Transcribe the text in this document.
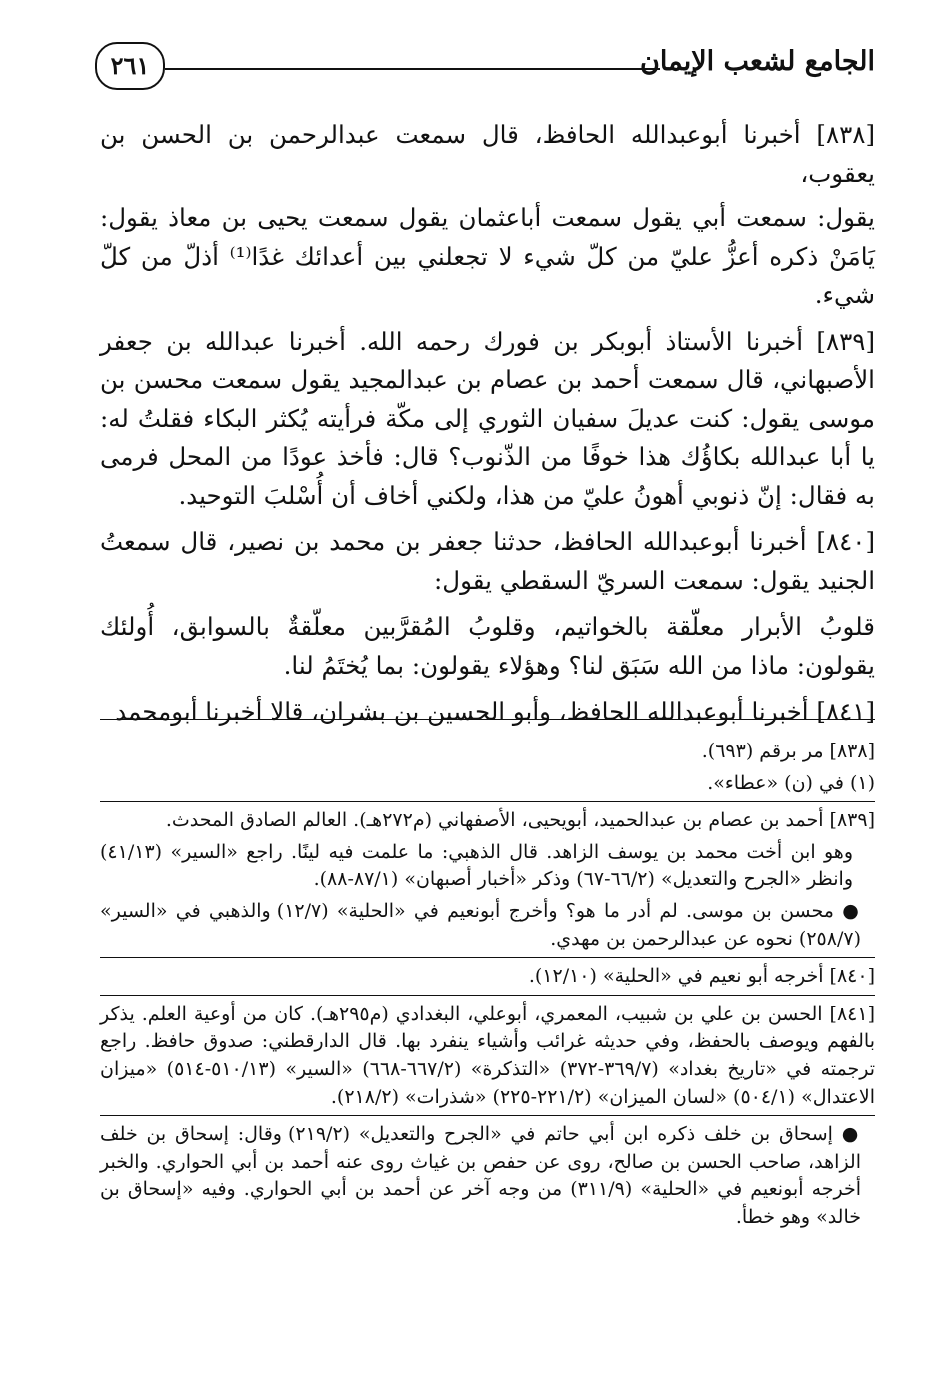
الجامع لشعب الإيمان
٢٦١

[٨٣٨] أخبرنا أبوعبدالله الحافظ، قال سمعت عبدالرحمن بن الحسن بن يعقوب،

يقول: سمعت أبي يقول سمعت أباعثمان يقول سمعت يحيى بن معاذ يقول: يَامَنْ ذكره أعزُّ عليّ من كلّ شيء لا تجعلني بين أعدائك غدًا⁽¹⁾ أذلّ من كلّ شيء.

[٨٣٩] أخبرنا الأستاذ أبوبكر بن فورك رحمه الله. أخبرنا عبدالله بن جعفر الأصبهاني، قال سمعت أحمد بن عصام بن عبدالمجيد يقول سمعت محسن بن موسى يقول: كنت عديلَ سفيان الثوري إلى مكّة فرأيته يُكثر البكاء فقلتُ له: يا أبا عبدالله بكاؤُك هذا خوفًا من الذّنوب؟ قال: فأخذ عودًا من المحل فرمى به فقال: إنّ ذنوبي أهونُ عليّ من هذا، ولكني أخاف أن أُسْلبَ التوحيد.

[٨٤٠] أخبرنا أبوعبدالله الحافظ، حدثنا جعفر بن محمد بن نصير، قال سمعتُ الجنيد يقول: سمعت السريّ السقطي يقول:

قلوبُ الأبرار معلّقة بالخواتيم، وقلوبُ المُقرَّبين معلّقةٌ بالسوابق، أُولئك يقولون: ماذا من الله سَبَق لنا؟ وهؤلاء يقولون: بما يُختَمُ لنا.

[٨٤١] أخبرنا أبوعبدالله الحافظ، وأبو الحسين بن بشران، قالا أخبرنا أبومحمد

[٨٣٨] مر برقم (٦٩٣).

(١) في (ن) «عطاء».

[٨٣٩] أحمد بن عصام بن عبدالحميد، أبويحيى، الأصفهاني (م٢٧٢هـ). العالم الصادق المحدث.

وهو ابن أخت محمد بن يوسف الزاهد. قال الذهبي: ما علمت فيه لينًا. راجع «السير» (٤١/١٣) وانظر «الجرح والتعديل» (٦٦/٢-٦٧) وذكر «أخبار أصبهان» (٨٧/١-٨٨).

● محسن بن موسى. لم أدر ما هو؟ وأخرج أبونعيم في «الحلية» (١٢/٧) والذهبي في «السير» (٢٥٨/٧) نحوه عن عبدالرحمن بن مهدي.

[٨٤٠] أخرجه أبو نعيم في «الحلية» (١٢/١٠).

[٨٤١] الحسن بن علي بن شبيب، المعمري، أبوعلي، البغدادي (م٢٩٥هـ). كان من أوعية العلم. يذكر بالفهم ويوصف بالحفظ، وفي حديثه غرائب وأشياء ينفرد بها. قال الدارقطني: صدوق حافظ. راجع ترجمته في «تاريخ بغداد» (٣٦٩/٧-٣٧٢) «التذكرة» (٦٦٧/٢-٦٦٨) «السير» (٥١٠/١٣-٥١٤) «ميزان الاعتدال» (٥٠٤/١) «لسان الميزان» (٢٢١/٢-٢٢٥) «شذرات» (٢١٨/٢).

● إسحاق بن خلف ذكره ابن أبي حاتم في «الجرح والتعديل» (٢١٩/٢) وقال: إسحاق بن خلف الزاهد، صاحب الحسن بن صالح، روى عن حفص بن غياث روى عنه أحمد بن أبي الحواري. والخبر أخرجه أبونعيم في «الحلية» (٣١١/٩) من وجه آخر عن أحمد بن أبي الحواري. وفيه «إسحاق بن خالد» وهو خطأ.
